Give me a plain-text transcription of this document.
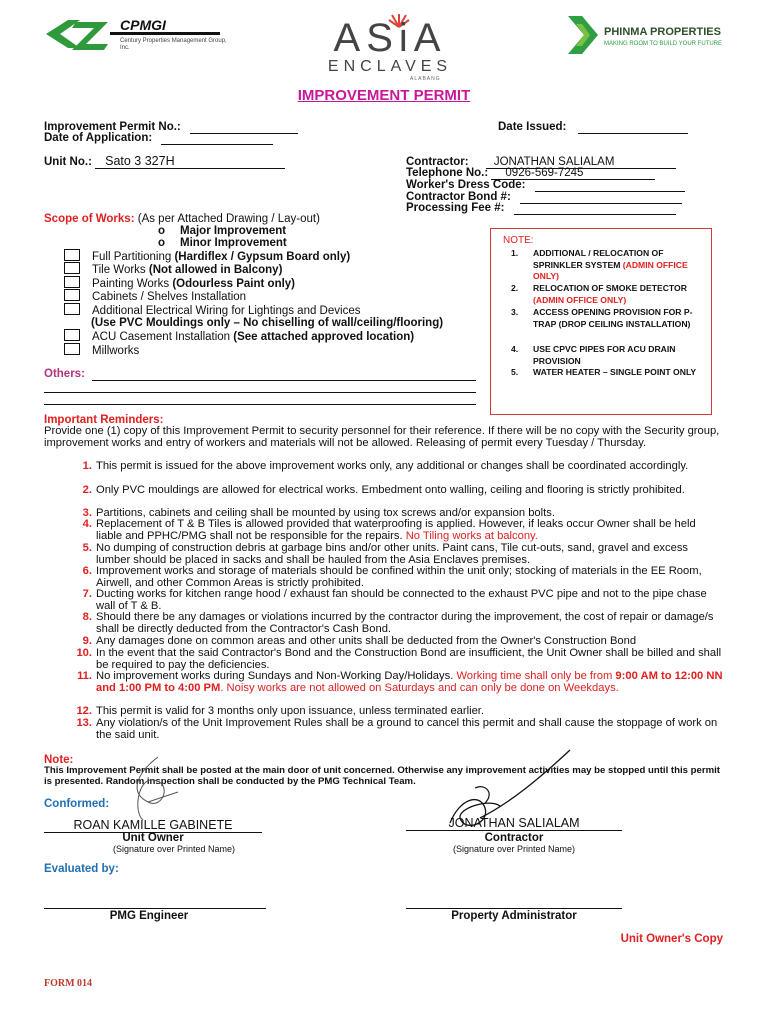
CPMGI
Century Properties Management Group, Inc.	ASiA
ENCLAVES
ALABANG
PHINMA PROPERTIES
MAKING ROOM TO BUILD YOUR FUTURE
IMPROVEMENT PERMIT
Improvement Permit No.:
Date of Application:
Date Issued:
Unit No.: Sato 3 327H	Contractor: JONATHAN SALIALAM
Telephone No.: 0926-569-7245
Worker's Dress Code:
Contractor Bond #:
Processing Fee #:
Scope of Works: (As per Attached Drawing / Lay-out)
o Major Improvement
o Minor Improvement
Full Partitioning (Hardiflex / Gypsum Board only)
Tile Works (Not allowed in Balcony)
Painting Works (Odourless Paint only)
Cabinets / Shelves Installation
Additional Electrical Wiring for Lightings and Devices
(Use PVC Mouldings only – No chiselling of wall/ceiling/flooring)
ACU Casement Installation (See attached approved location)
Millworks
Others:
NOTE:
1. ADDITIONAL / RELOCATION OF SPRINKLER SYSTEM (ADMIN OFFICE ONLY)
2. RELOCATION OF SMOKE DETECTOR (ADMIN OFFICE ONLY)
3. ACCESS OPENING PROVISION FOR P-TRAP (DROP CEILING INSTALLATION)
4. USE CPVC PIPES FOR ACU DRAIN PROVISION
5. WATER HEATER – SINGLE POINT ONLY
Important Reminders:
Provide one (1) copy of this Improvement Permit to security personnel for their reference. If there will be no copy with the Security group, improvement works and entry of workers and materials will not be allowed. Releasing of permit every Tuesday / Thursday.
1. This permit is issued for the above improvement works only, any additional or changes shall be coordinated accordingly.
2. Only PVC mouldings are allowed for electrical works. Embedment onto walling, ceiling and flooring is strictly prohibited.
3. Partitions, cabinets and ceiling shall be mounted by using tox screws and/or expansion bolts.
4. Replacement of T & B Tiles is allowed provided that waterproofing is applied. However, if leaks occur Owner shall be held liable and PPHC/PMG shall not be responsible for the repairs. No Tiling works at balcony.
5. No dumping of construction debris at garbage bins and/or other units. Paint cans, Tile cut-outs, sand, gravel and excess lumber should be placed in sacks and shall be hauled from the Asia Enclaves premises.
6. Improvement works and storage of materials should be confined within the unit only; stocking of materials in the EE Room, Airwell, and other Common Areas is strictly prohibited.
7. Ducting works for kitchen range hood / exhaust fan should be connected to the exhaust PVC pipe and not to the pipe chase wall of T & B.
8. Should there be any damages or violations incurred by the contractor during the improvement, the cost of repair or damage/s shall be directly deducted from the Contractor's Cash Bond.
9. Any damages done on common areas and other units shall be deducted from the Owner's Construction Bond
10. In the event that the said Contractor's Bond and the Construction Bond are insufficient, the Unit Owner shall be billed and shall be required to pay the deficiencies.
11. No improvement works during Sundays and Non-Working Day/Holidays. Working time shall only be from 9:00 AM to 12:00 NN and 1:00 PM to 4:00 PM. Noisy works are not allowed on Saturdays and can only be done on Weekdays.
12. This permit is valid for 3 months only upon issuance, unless terminated earlier.
13. Any violation/s of the Unit Improvement Rules shall be a ground to cancel this permit and shall cause the stoppage of work on the said unit.
Note:
This Improvement Permit shall be posted at the main door of unit concerned. Otherwise any improvement activities may be stopped until this permit is presented. Random inspection shall be conducted by the PMG Technical Team.
Conformed:
ROAN KAMILLE GABINETE
Unit Owner
(Signature over Printed Name)
JONATHAN SALIALAM
Contractor
(Signature over Printed Name)
Evaluated by:
PMG Engineer	Property Administrator
Unit Owner's Copy
FORM 014
